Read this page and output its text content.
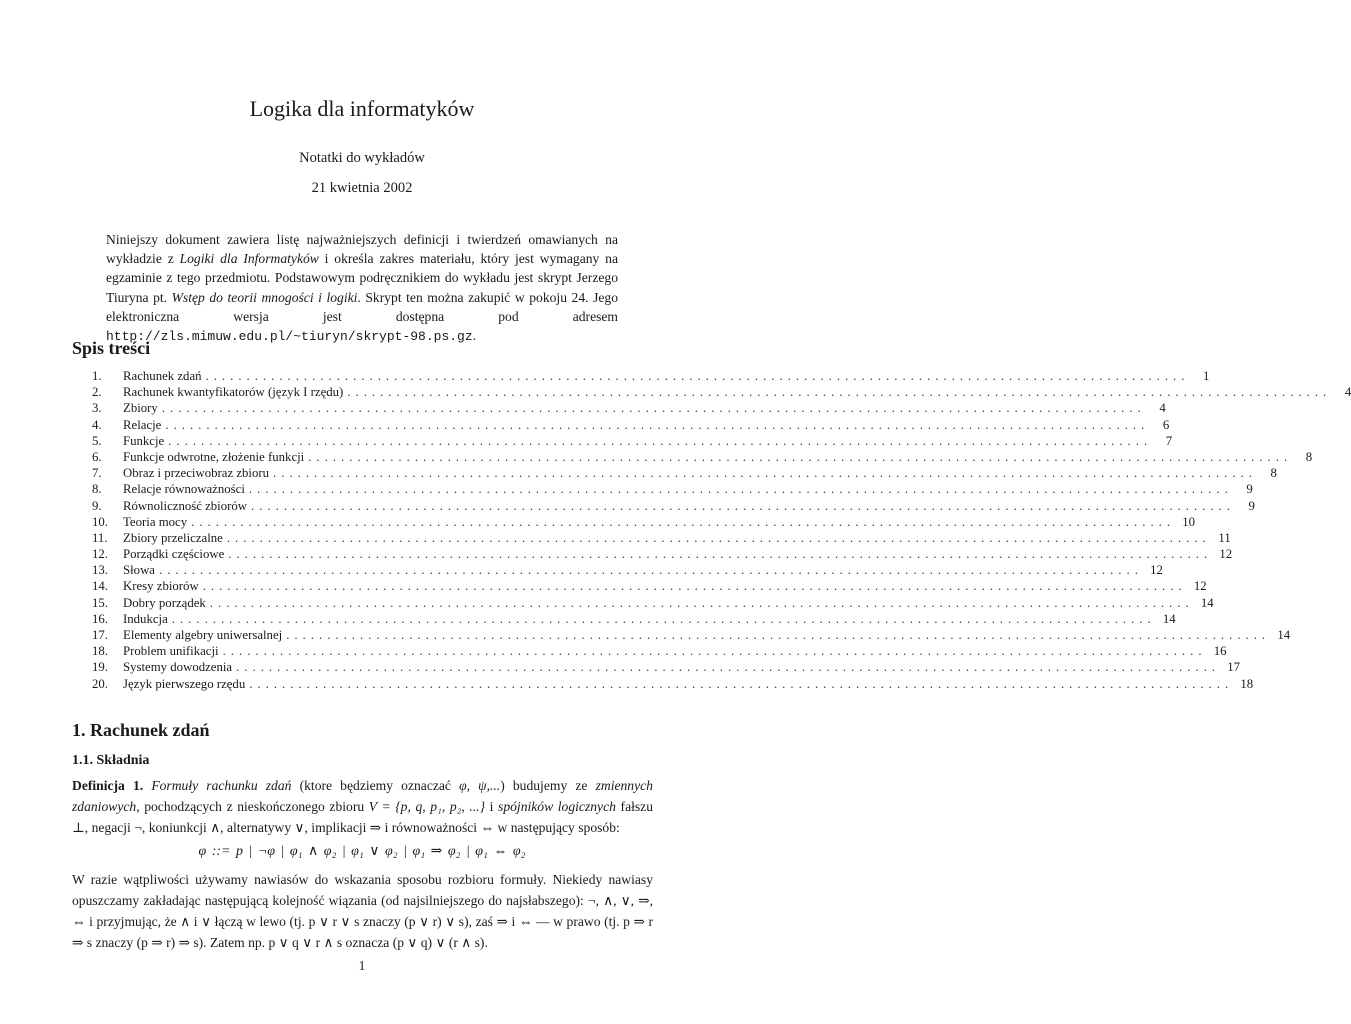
Logika dla informatyków
Notatki do wykładów
21 kwietnia 2002
Niniejszy dokument zawiera listę najważniejszych definicji i twierdzeń omawianych na wykładzie z Logiki dla Informatyków i określa zakres materiału, który jest wymagany na egzaminie z tego przedmiotu. Podstawowym podręcznikiem do wykładu jest skrypt Jerzego Tiuryna pt. Wstęp do teorii mnogości i logiki. Skrypt ten można zakupić w pokoju 24. Jego elektroniczna wersja jest dostępna pod adresem http://zls.mimuw.edu.pl/~tiuryn/skrypt-98.ps.gz.
Spis treści
1.	Rachunek zdań ........................................................................................................................	1
2.	Rachunek kwantyfikatorów (język I rzędu) ........................................................................................................................	4
3.	Zbiory ........................................................................................................................	4
4.	Relacje ........................................................................................................................	6
5.	Funkcje ........................................................................................................................	7
6.	Funkcje odwrotne, złożenie funkcji ........................................................................................................................	8
7.	Obraz i przeciwobraz zbioru ........................................................................................................................	8
8.	Relacje równoważności ........................................................................................................................	9
9.	Równoliczność zbiorów ........................................................................................................................	9
10.	Teoria mocy ........................................................................................................................ 10
11.	Zbiory przeliczalne ........................................................................................................................ 11
12.	Porządki częściowe ........................................................................................................................ 12
13.	Słowa ........................................................................................................................ 12
14.	Kresy zbiorów ........................................................................................................................ 12
15.	Dobry porządek ........................................................................................................................ 14
16.	Indukcja ........................................................................................................................ 14
17.	Elementy algebry uniwersalnej ........................................................................................................................ 14
18.	Problem unifikacji ........................................................................................................................ 16
19.	Systemy dowodzenia ........................................................................................................................ 17
20.	Język pierwszego rzędu ........................................................................................................................ 18
1. Rachunek zdań
1.1. Składnia
Definicja 1. Formuły rachunku zdań (ktore będziemy oznaczać φ, ψ,...) budujemy ze zmiennych zdaniowych, pochodzących z nieskończonego zbioru V = {p, q, p₁, p₂, ...} i spójników logicznych fałszu ⊥, negacji ¬, koniunkcji ∧, alternatywy ∨, implikacji ⇒ i równoważności ⇔ w następujący sposób:
φ ::= p | ¬φ | φ₁ ∧ φ₂ | φ₁ ∨ φ₂ | φ₁ ⇒ φ₂ | φ₁ ⇔ φ₂
W razie wątpliwości używamy nawiasów do wskazania sposobu rozbioru formuły. Niekiedy nawiasy opuszczamy zakładając następującą kolejność wiązania (od najsilniejszego do najsłabszego): ¬, ∧, ∨, ⇒, ⇔ i przyjmując, że ∧ i ∨ łączą w lewo (tj. p ∨ r ∨ s znaczy (p ∨ r) ∨ s), zaś ⇒ i ⇔ — w prawo (tj. p ⇒ r ⇒ s znaczy (p ⇒ r) ⇒ s). Zatem np. p ∨ q ∨ r ∧ s oznacza (p ∨ q) ∨ (r ∧ s).
1
